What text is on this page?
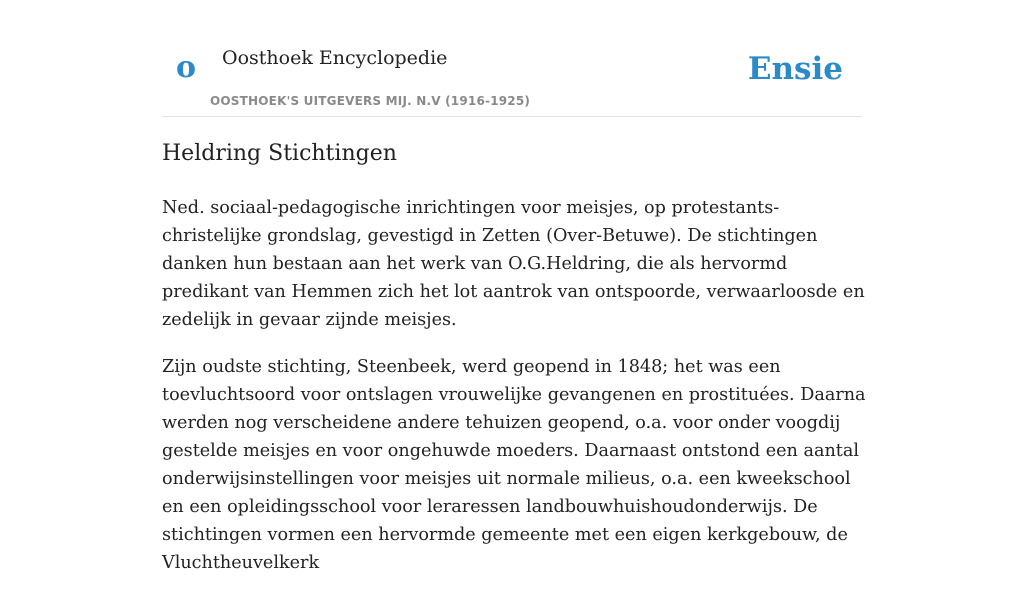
o Oosthoek Encyclopedie
OOSTHOEK'S UITGEVERS MIJ. N.V (1916-1925)
Ensie
Heldring Stichtingen

Ned. sociaal-pedagogische inrichtingen voor meisjes, op protestants-christelijke grondslag, gevestigd in Zetten (Over-Betuwe). De stichtingen danken hun bestaan aan het werk van O.G.Heldring, die als hervormd predikant van Hemmen zich het lot aantrok van ontspoorde, verwaarloosde en zedelijk in gevaar zijnde meisjes.

Zijn oudste stichting, Steenbeek, werd geopend in 1848; het was een toevluchtsoord voor ontslagen vrouwelijke gevangenen en prostituées. Daarna werden nog verscheidene andere tehuizen geopend, o.a. voor onder voogdij gestelde meisjes en voor ongehuwde moeders. Daarnaast ontstond een aantal onderwijsinstellingen voor meisjes uit normale milieus, o.a. een kweekschool en een opleidingsschool voor leraressen landbouwhuishoudonderwijs. De stichtingen vormen een hervormde gemeente met een eigen kerkgebouw, de Vluchtheuvelkerk
